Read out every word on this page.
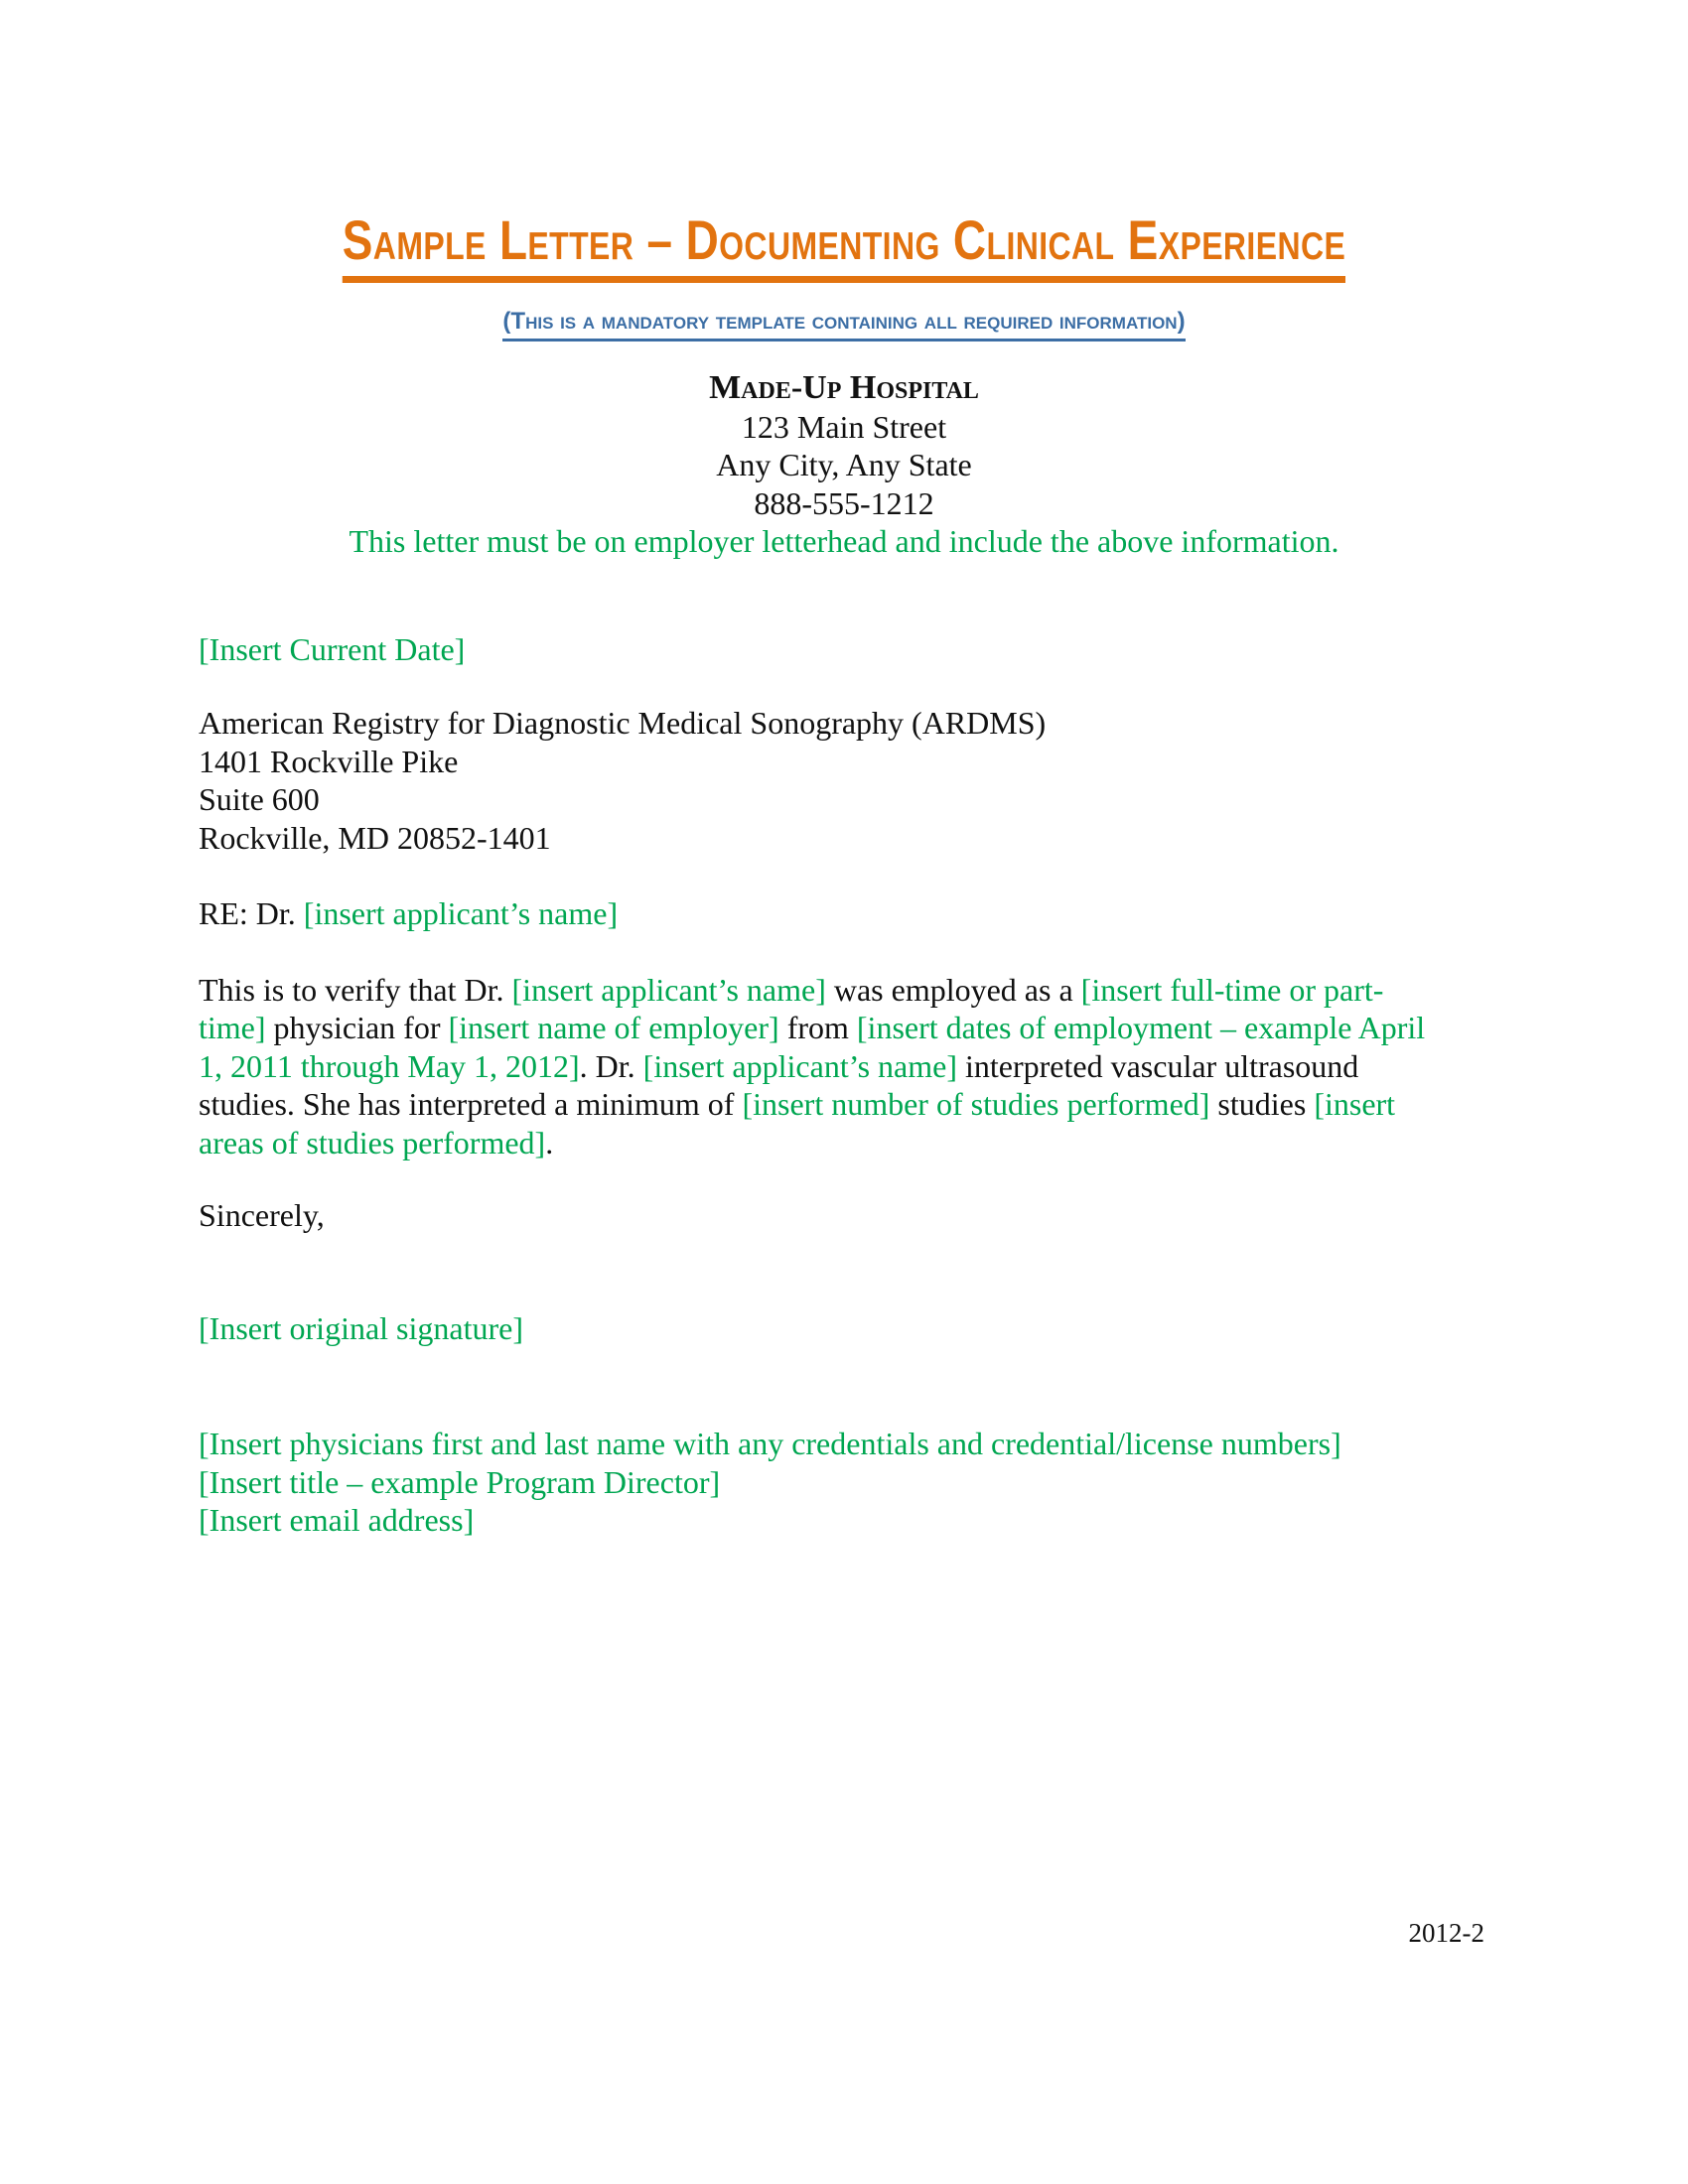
Sample Letter – Documenting Clinical Experience
(This is a mandatory template containing all required information)
Made-Up Hospital
123 Main Street
Any City, Any State
888-555-1212
This letter must be on employer letterhead and include the above information.

[Insert Current Date]

American Registry for Diagnostic Medical Sonography (ARDMS)

1401 Rockville Pike

Suite 600

Rockville, MD 20852-1401

RE: Dr. [insert applicant’s name]

This is to verify that Dr. [insert applicant’s name] was employed as a [insert full-time or part-

time] physician for [insert name of employer] from [insert dates of employment – example April

1, 2011 through May 1, 2012]. Dr. [insert applicant’s name] interpreted vascular ultrasound

studies. She has interpreted a minimum of [insert number of studies performed] studies [insert

areas of studies performed].

Sincerely,

[Insert original signature]

[Insert physicians first and last name with any credentials and credential/license numbers]

[Insert title – example Program Director]

[Insert email address]

2012-2
